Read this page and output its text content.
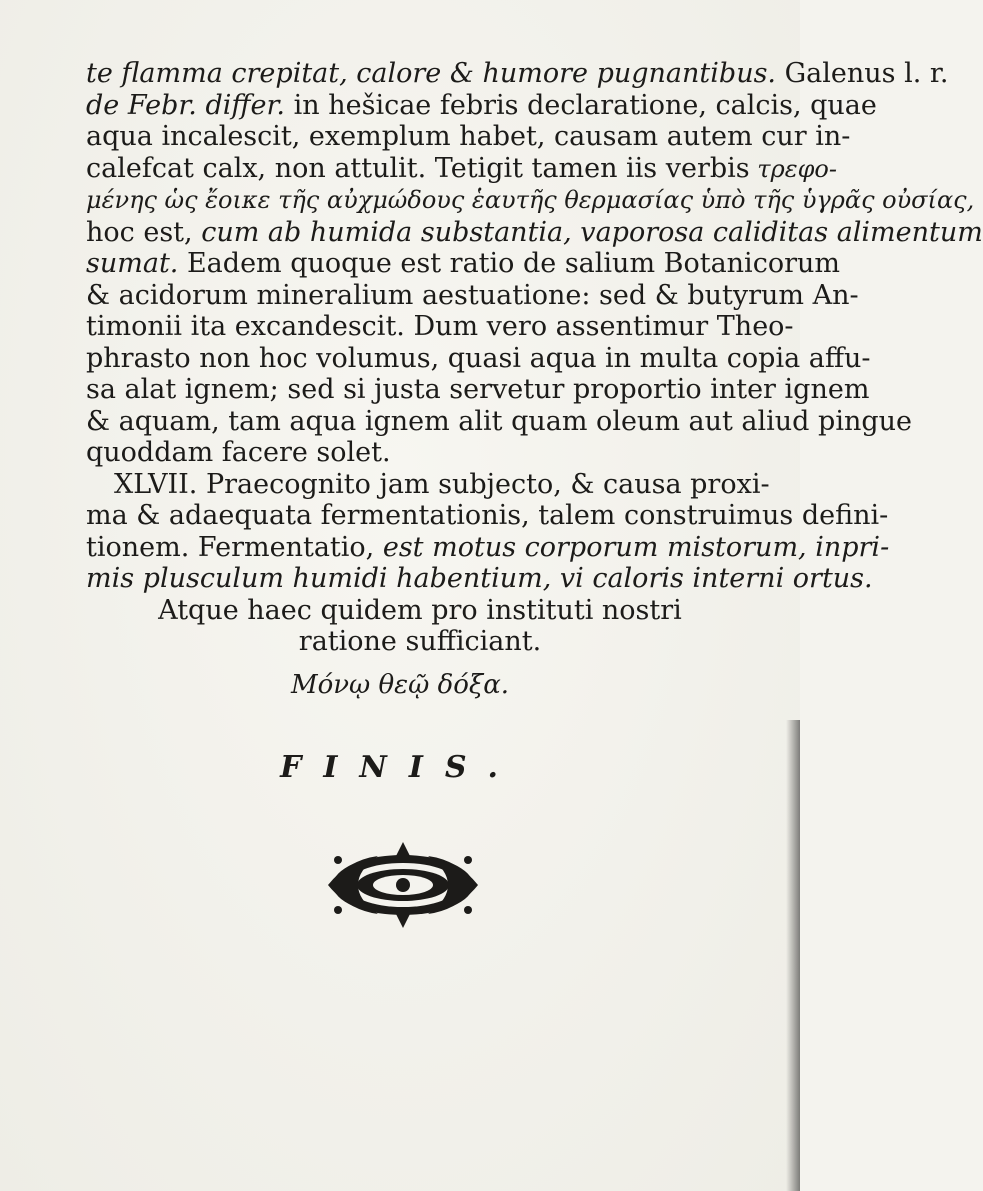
te flamma crepitat, calore & humore pugnantibus. Galenus l. r.
de Febr. differ. in hešicae febris declaratione, calcis, quae
aqua incalescit, exemplum habet, causam autem cur in-
calefcat calx, non attulit. Tetigit tamen iis verbis τρεφο-
μένης ὡς ἔοικε τῆς αὐχμώδους ἑαυτῆς θερμασίας ὑπὸ τῆς ὑγρᾶς οὐσίας,
hoc est, cum ab humida substantia, vaporosa caliditas alimentum
sumat. Eadem quoque est ratio de salium Botanicorum
& acidorum mineralium aestuatione: sed & butyrum An-
timonii ita excandescit. Dum vero assentimur Theo-
phrasto non hoc volumus, quasi aqua in multa copia affu-
sa alat ignem; sed si justa servetur proportio inter ignem
& aquam, tam aqua ignem alit quam oleum aut aliud pingue
quoddam facere solet.
XLVII. Praecognito jam subjecto, & causa proxi-
ma & adaequata fermentationis, talem construimus defini-
tionem. Fermentatio, est motus corporum mistorum, inpri-
mis plusculum humidi habentium, vi caloris interni ortus.
Atque haec quidem pro instituti nostri
ratione sufficiant.
Μόνῳ θεῷ δόξα.
FINIS.
